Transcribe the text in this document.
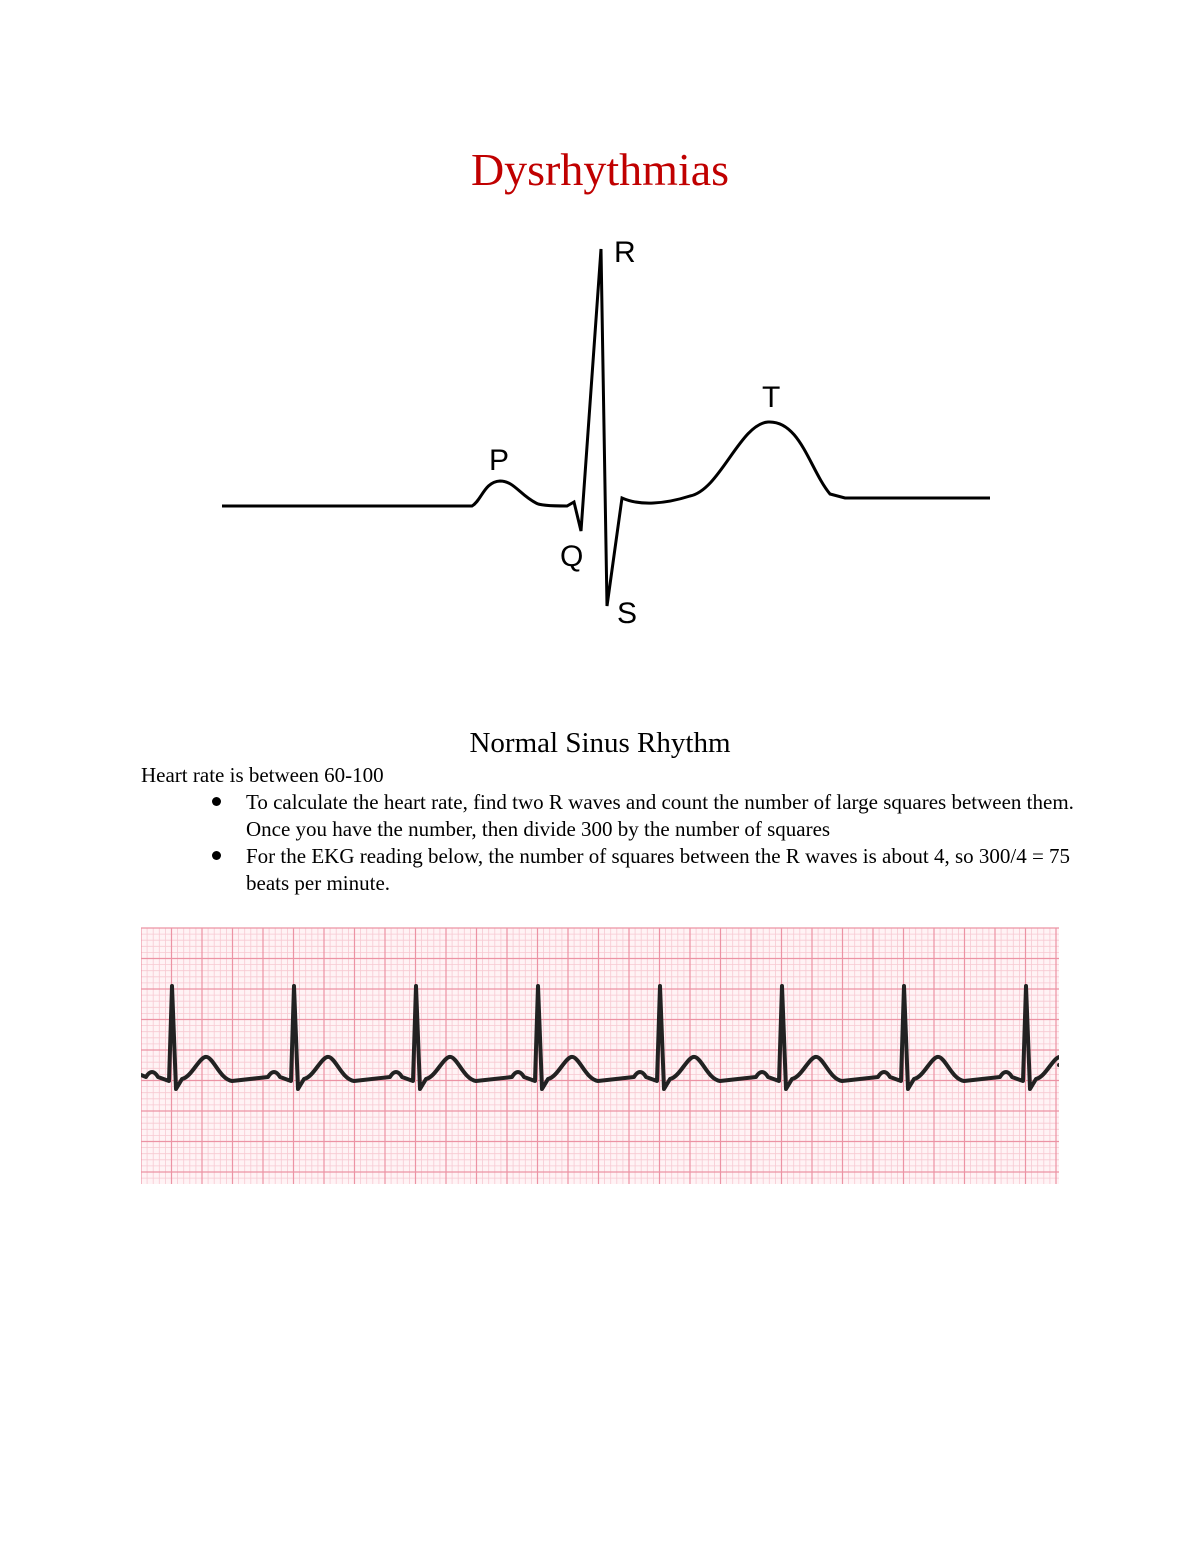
Dysrhythmias
P
Q
R
S
T
Normal Sinus Rhythm
Heart rate is between 60-100
To calculate the heart rate, find two R waves and count the number of large squares between them. Once you have the number, then divide 300 by the number of squares
For the EKG reading below, the number of squares between the R waves is about 4, so 300/4 = 75 beats per minute.
